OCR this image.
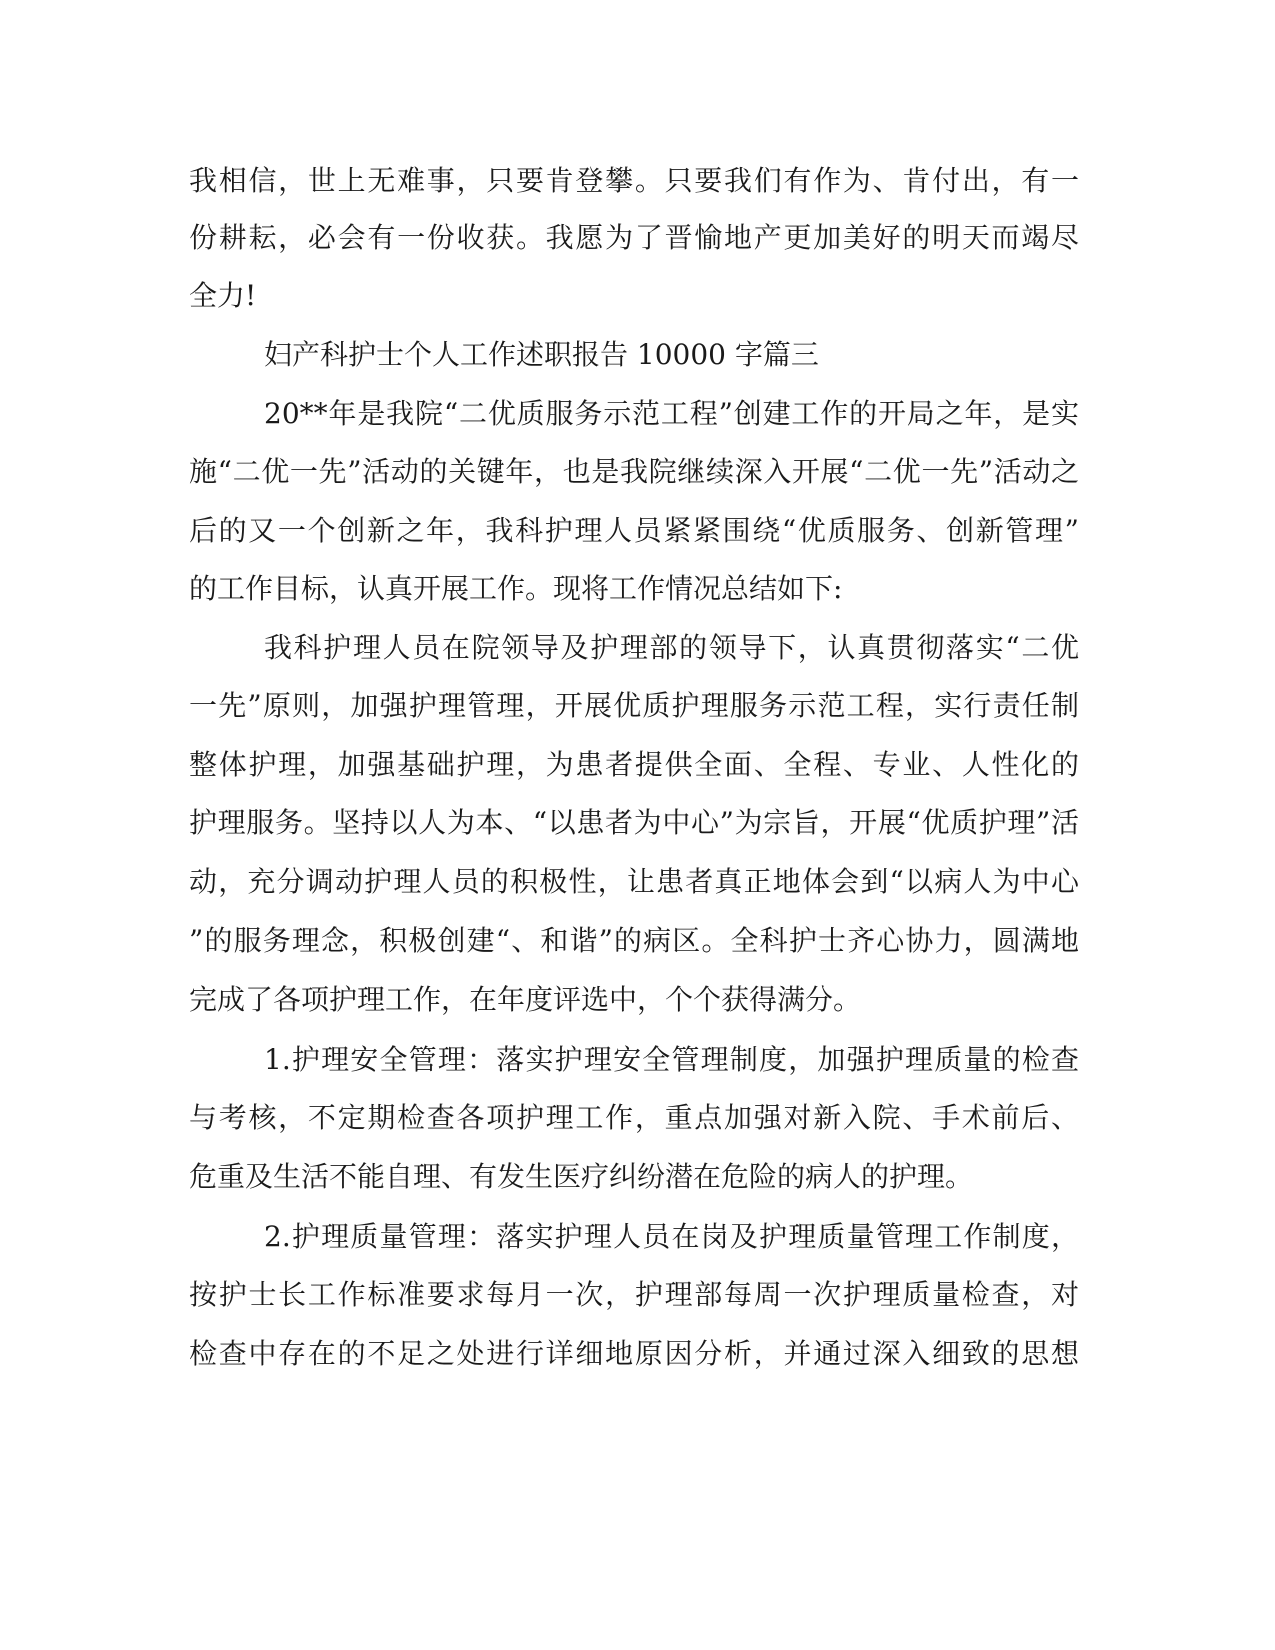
我相信，世上无难事，只要肯登攀。只要我们有作为、肯付出，有一
份耕耘，必会有一份收获。我愿为了晋愉地产更加美好的明天而竭尽
全力!
妇产科护士个人工作述职报告 10000 字篇三
20**年是我院“二优质服务示范工程”创建工作的开局之年，是实
施“二优一先”活动的关键年，也是我院继续深入开展“二优一先”活动之
后的又一个创新之年，我科护理人员紧紧围绕“优质服务、创新管理”
的工作目标，认真开展工作。现将工作情况总结如下:
我科护理人员在院领导及护理部的领导下，认真贯彻落实“二优
一先”原则，加强护理管理，开展优质护理服务示范工程，实行责任制
整体护理，加强基础护理，为患者提供全面、全程、专业、人性化的
护理服务。坚持以人为本、“以患者为中心”为宗旨，开展“优质护理”活
动，充分调动护理人员的积极性，让患者真正地体会到“以病人为中心
”的服务理念，积极创建“、和谐”的病区。全科护士齐心协力，圆满地
完成了各项护理工作，在年度评选中，个个获得满分。
1.护理安全管理：落实护理安全管理制度，加强护理质量的检查
与考核，不定期检查各项护理工作，重点加强对新入院、手术前后、
危重及生活不能自理、有发生医疗纠纷潜在危险的病人的护理。
2.护理质量管理：落实护理人员在岗及护理质量管理工作制度，
按护士长工作标准要求每月一次，护理部每周一次护理质量检查，对
检查中存在的不足之处进行详细地原因分析，并通过深入细致的思想
